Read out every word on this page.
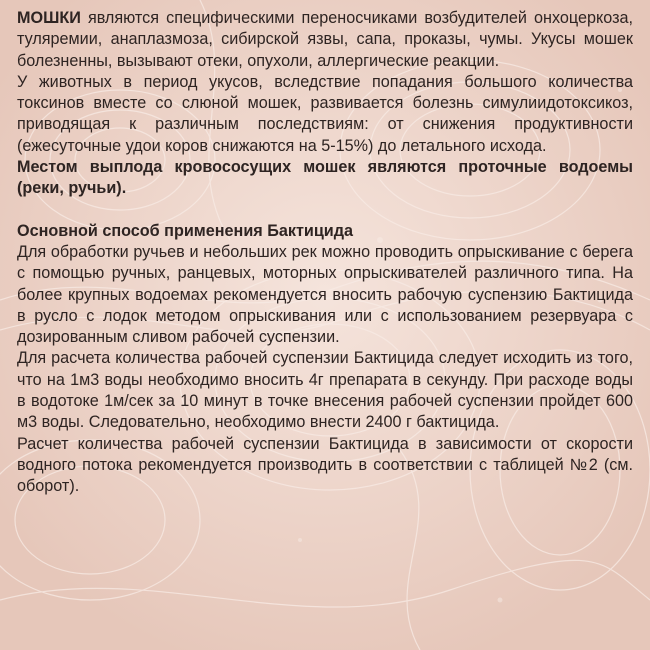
МОШКИ являются специфическими переносчиками возбудителей онхоцеркоза, туляремии, анаплазмоза, сибирской язвы, сапа, проказы, чумы. Укусы мошек болезненны, вызывают отеки, опухоли, аллергические реакции.

У животных в период укусов, вследствие попадания большого количества токсинов вместе со слюной мошек, развивается болезнь симулиидотоксикоз, приводящая к различным последствиям: от снижения продуктивности (ежесуточные удои коров снижаются на 5-15%) до летального исхода.

Местом выплода кровососущих мошек являются проточные водоемы (реки, ручьи).

Основной способ применения Бактицида

Для обработки ручьев и небольших рек можно проводить опрыскивание с берега с помощью ручных, ранцевых, моторных опрыскивателей различного типа. На более крупных водоемах рекомендуется вносить рабочую суспензию Бактицида в русло с лодок методом опрыскивания или с использованием резервуара с дозированным сливом рабочей суспензии.

Для расчета количества рабочей суспензии Бактицида следует исходить из того, что на 1м3 воды необходимо вносить 4г препарата в секунду. При расходе воды в водотоке 1м/сек за 10 минут в точке внесения рабочей суспензии пройдет 600 м3 воды. Следовательно, необходимо внести 2400 г бактицида.

Расчет количества рабочей суспензии Бактицида в зависимости от скорости водного потока рекомендуется производить в соответствии с таблицей №2 (см. оборот).
